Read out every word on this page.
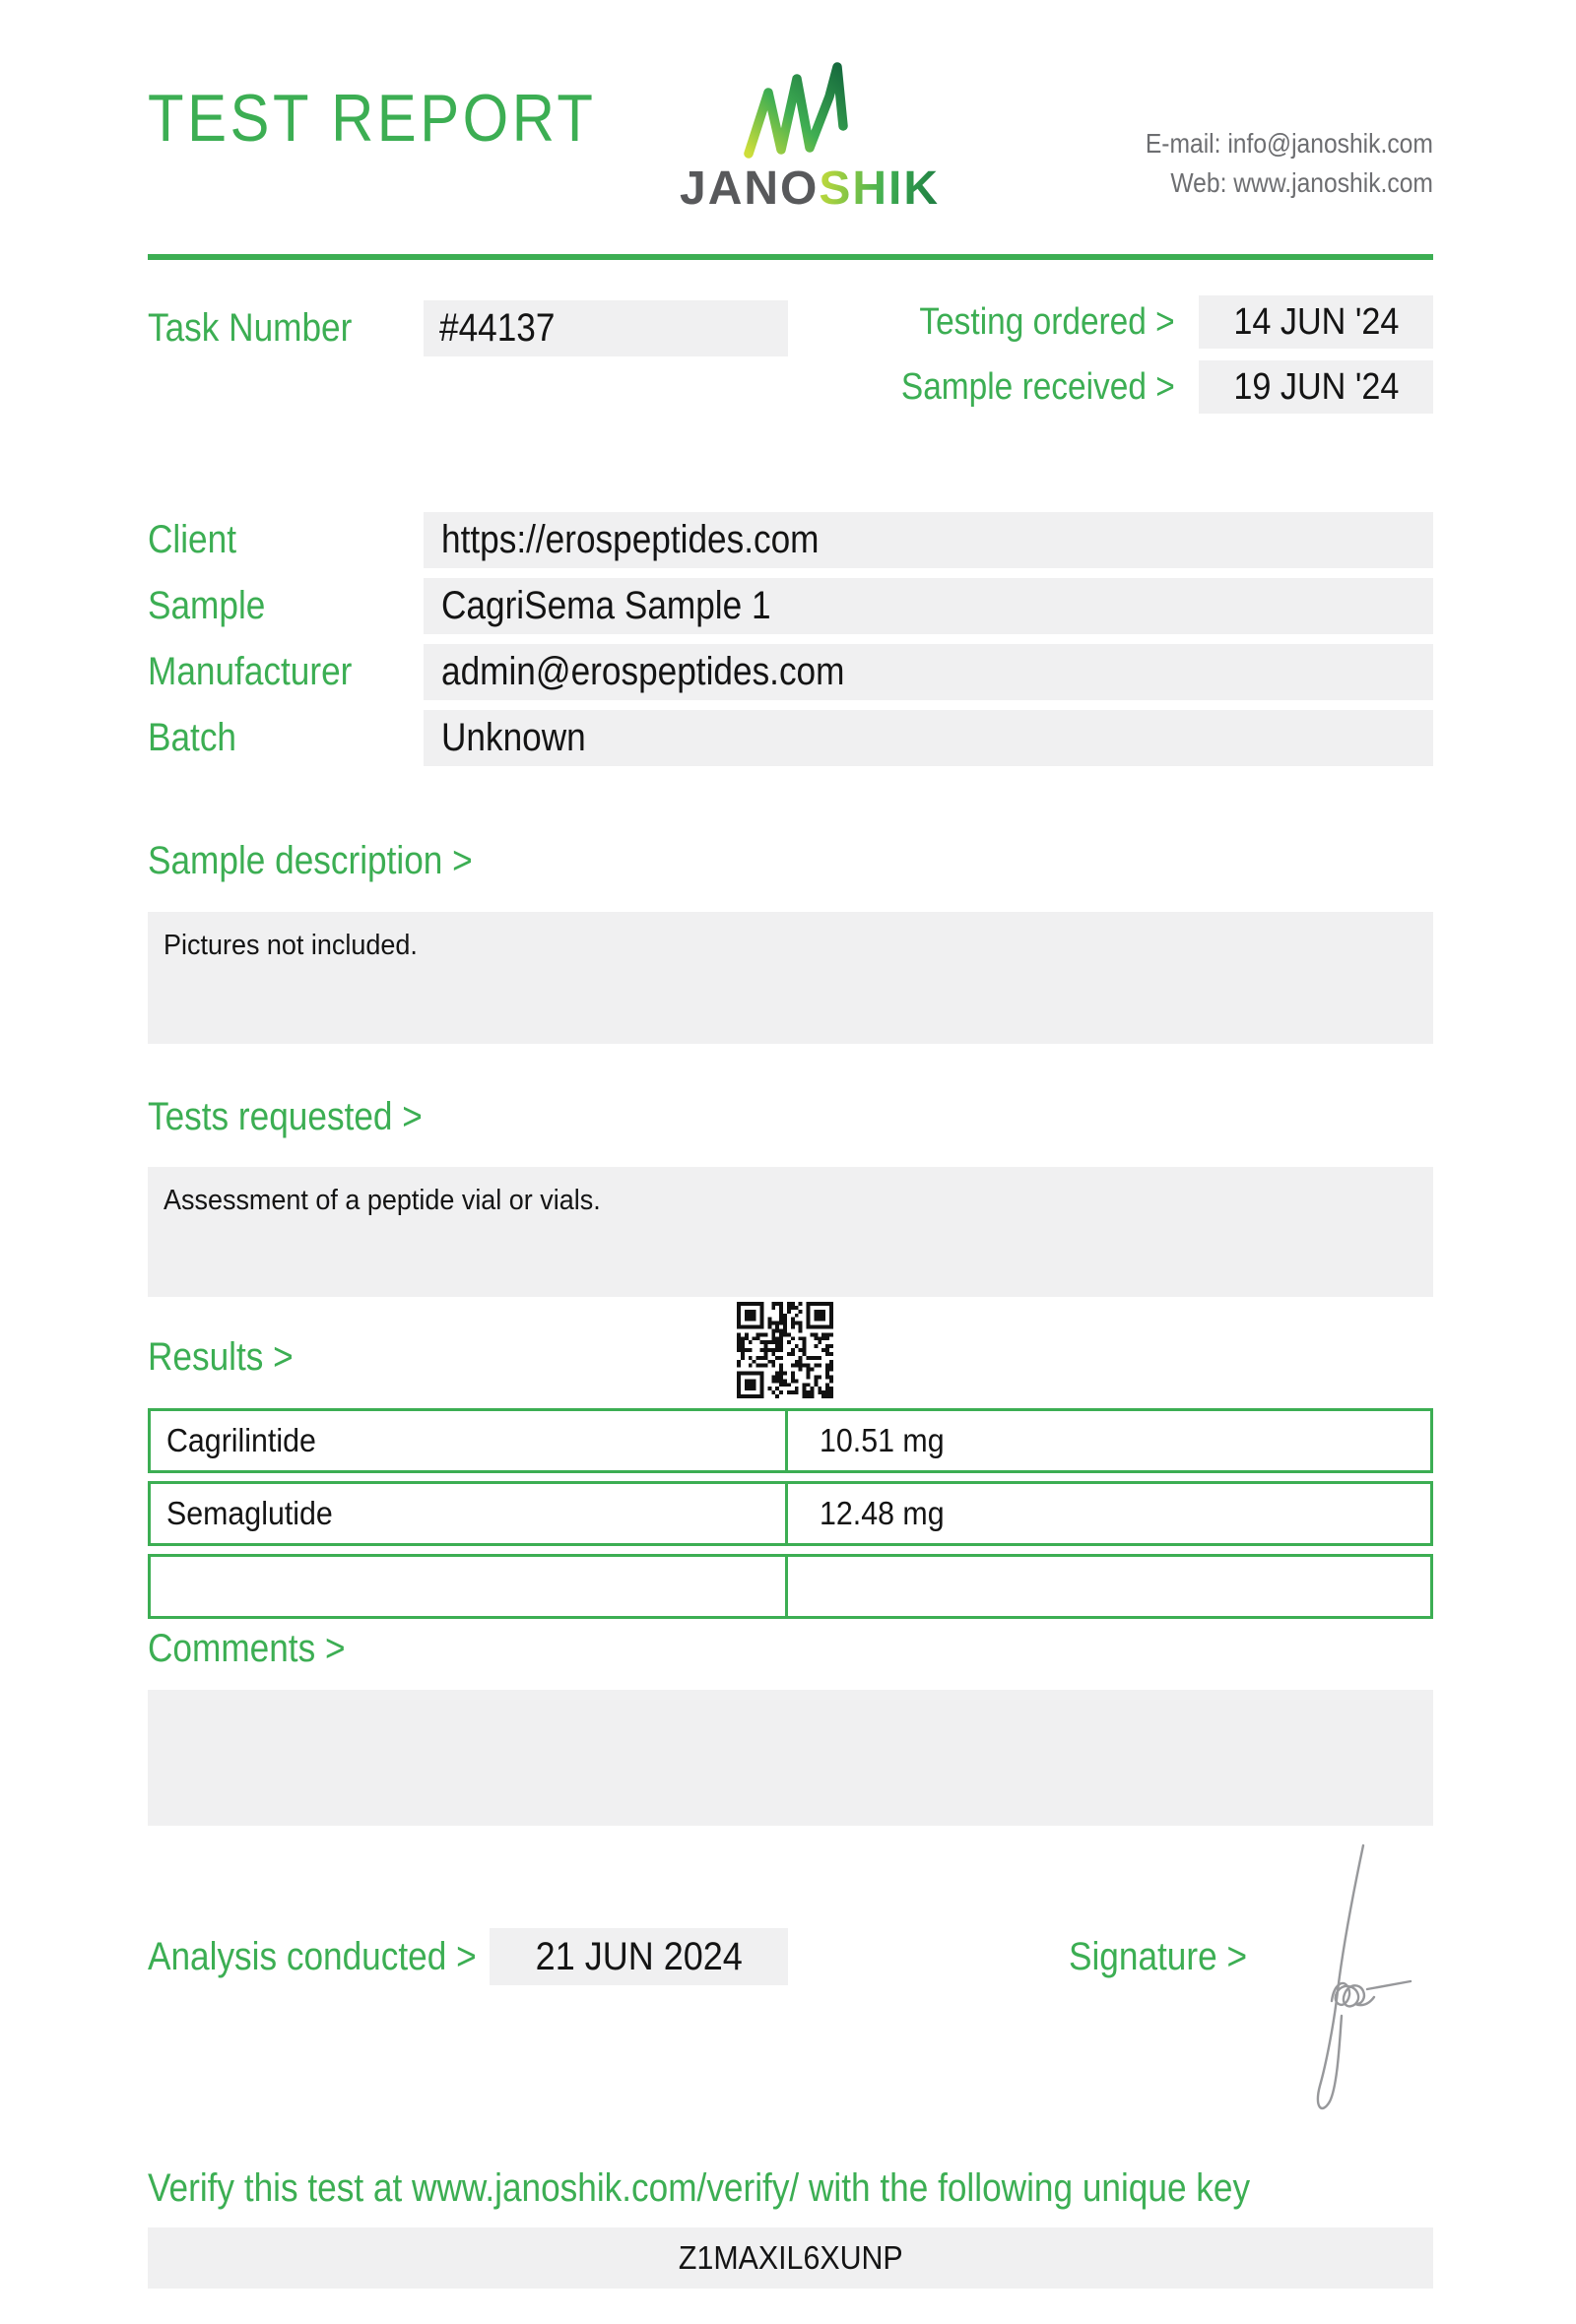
TEST REPORT
JANOSHIK
E-mail: info@janoshik.com
Web: www.janoshik.com
Task Number	#44137	Testing ordered > 14 JUN '24
Sample received > 19 JUN '24
Client	https://erospeptides.com
Sample	CagriSema Sample 1
Manufacturer	admin@erospeptides.com
Batch	Unknown
Sample description >
Pictures not included.
Tests requested >
Assessment of a peptide vial or vials.
Results >
Cagrilintide	10.51 mg
Semaglutide	12.48 mg
Comments >
Analysis conducted >	21 JUN 2024	Signature >
Verify this test at www.janoshik.com/verify/ with the following unique key
Z1MAXIL6XUNP
